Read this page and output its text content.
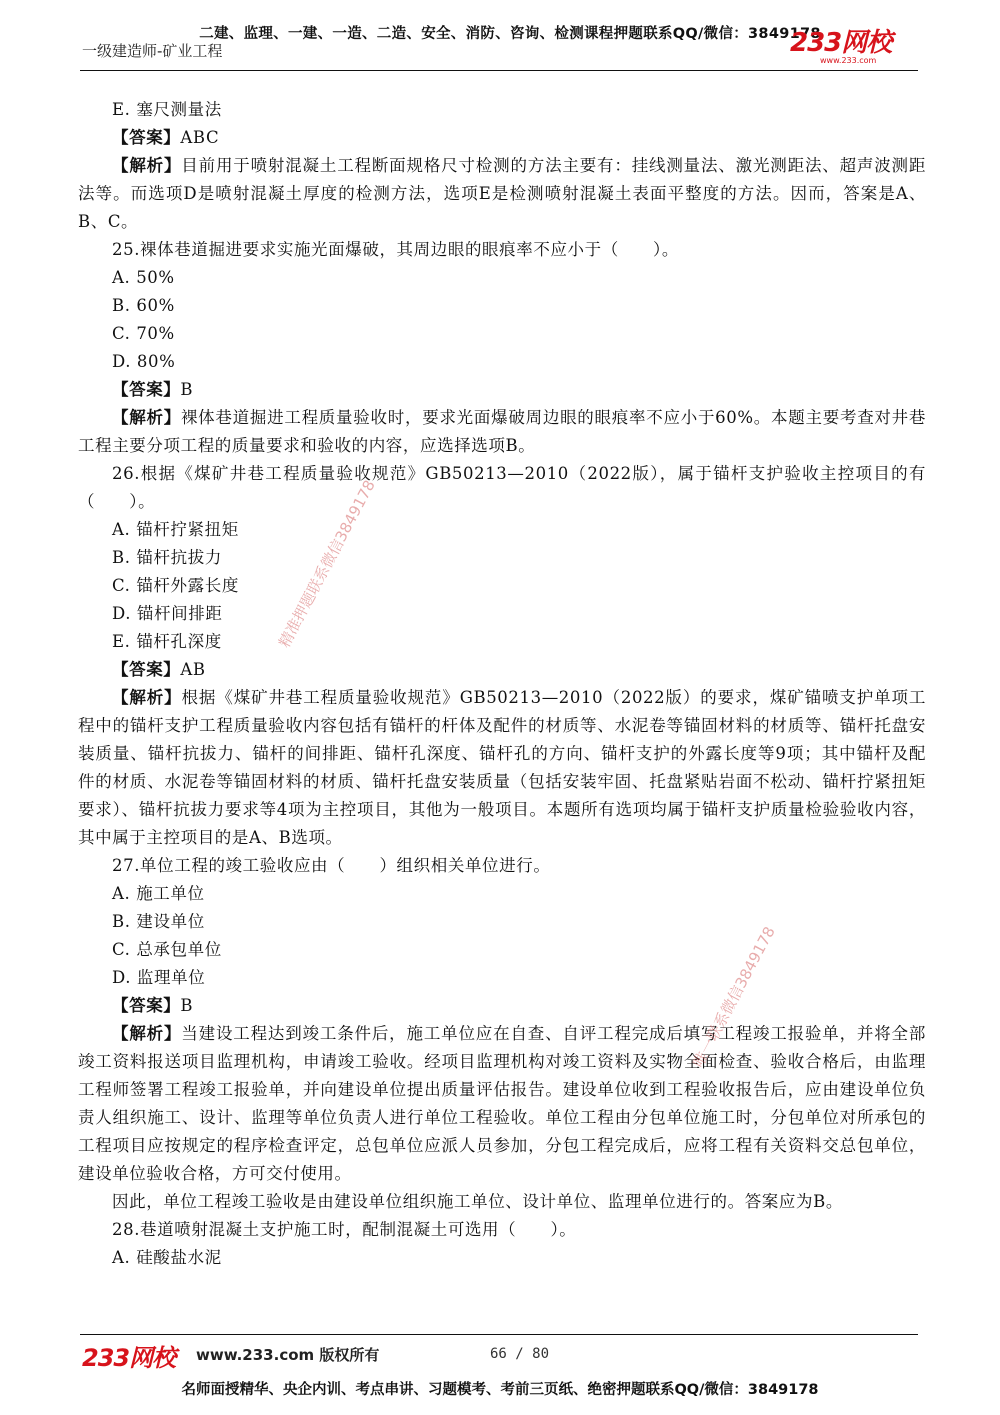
二建、监理、一建、一造、二造、安全、消防、咨询、检测课程押题联系QQ/微信：3849178
一级建造师-矿业工程	233网校
www.233.com
E. 塞尺测量法
【答案】ABC
【解析】目前用于喷射混凝土工程断面规格尺寸检测的方法主要有：挂线测量法、激光测距法、超声波测距法等。而选项D是喷射混凝土厚度的检测方法，选项E是检测喷射混凝土表面平整度的方法。因而，答案是A、B、C。
25.裸体巷道掘进要求实施光面爆破，其周边眼的眼痕率不应小于（　　）。
A. 50%
B. 60%
C. 70%
D. 80%
【答案】B
【解析】裸体巷道掘进工程质量验收时，要求光面爆破周边眼的眼痕率不应小于60%。本题主要考查对井巷工程主要分项工程的质量要求和验收的内容，应选择选项B。
26.根据《煤矿井巷工程质量验收规范》GB50213—2010（2022版），属于锚杆支护验收主控项目的有（　　）。
A. 锚杆拧紧扭矩
B. 锚杆抗拔力
C. 锚杆外露长度
D. 锚杆间排距
E. 锚杆孔深度
【答案】AB
【解析】根据《煤矿井巷工程质量验收规范》GB50213—2010（2022版）的要求，煤矿锚喷支护单项工程中的锚杆支护工程质量验收内容包括有锚杆的杆体及配件的材质等、水泥卷等锚固材料的材质等、锚杆托盘安装质量、锚杆抗拔力、锚杆的间排距、锚杆孔深度、锚杆孔的方向、锚杆支护的外露长度等9项；其中锚杆及配件的材质、水泥卷等锚固材料的材质、锚杆托盘安装质量（包括安装牢固、托盘紧贴岩面不松动、锚杆拧紧扭矩要求）、锚杆抗拔力要求等4项为主控项目，其他为一般项目。本题所有选项均属于锚杆支护质量检验验收内容，其中属于主控项目的是A、B选项。
27.单位工程的竣工验收应由（　　）组织相关单位进行。
A. 施工单位
B. 建设单位
C. 总承包单位
D. 监理单位
【答案】B
【解析】当建设工程达到竣工条件后，施工单位应在自查、自评工程完成后填写工程竣工报验单，并将全部竣工资料报送项目监理机构，申请竣工验收。经项目监理机构对竣工资料及实物全面检查、验收合格后，由监理工程师签署工程竣工报验单，并向建设单位提出质量评估报告。建设单位收到工程验收报告后，应由建设单位负责人组织施工、设计、监理等单位负责人进行单位工程验收。单位工程由分包单位施工时，分包单位对所承包的工程项目应按规定的程序检查评定，总包单位应派人员参加，分包工程完成后，应将工程有关资料交总包单位，建设单位验收合格，方可交付使用。
因此，单位工程竣工验收是由建设单位组织施工单位、设计单位、监理单位进行的。答案应为B。
28.巷道喷射混凝土支护施工时，配制混凝土可选用（　　）。
A. 硅酸盐水泥
精准押题联系微信3849178
唯一联系微信3849178
233网校 www.233.com 版权所有	66 / 80
名师面授精华、央企内训、考点串讲、习题模考、考前三页纸、绝密押题联系QQ/微信：3849178
